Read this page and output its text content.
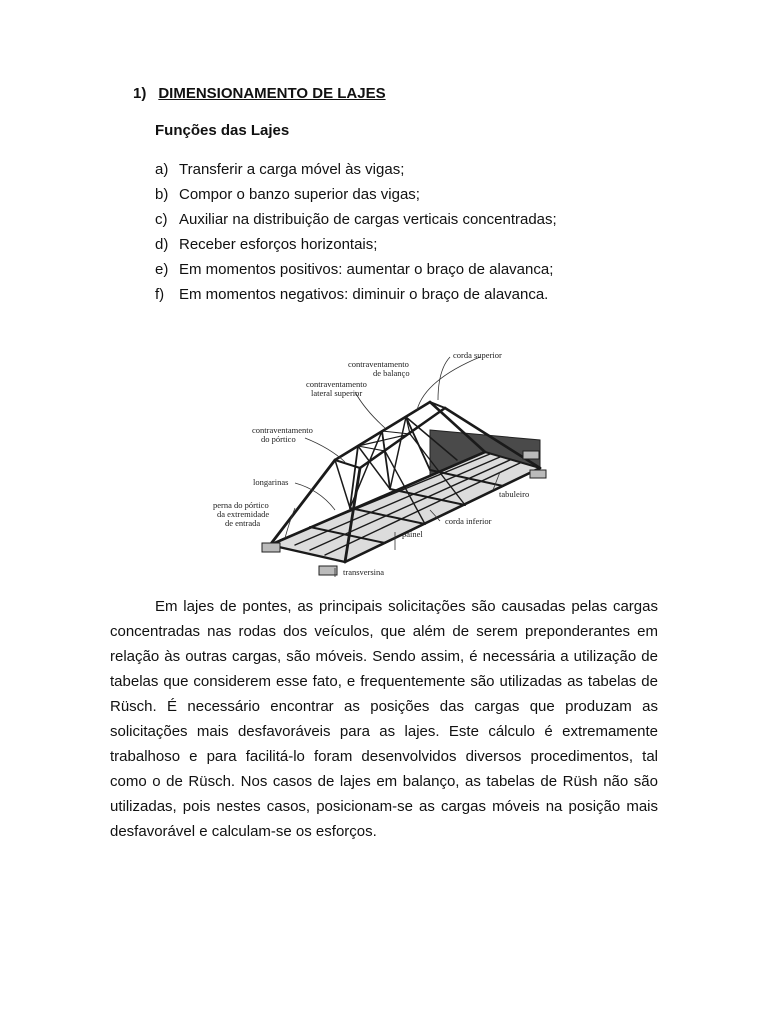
1) DIMENSIONAMENTO DE LAJES
Funções das Lajes
a) Transferir a carga móvel às vigas;
b) Compor o banzo superior das vigas;
c) Auxiliar na distribuição de cargas verticais concentradas;
d) Receber esforços horizontais;
e) Em momentos positivos: aumentar o braço de alavanca;
f) Em momentos negativos: diminuir o braço de alavanca.
corda superior
contraventamento
de balanço
contraventamento
lateral superior
contraventamento
do pórtico
longarinas
tabuleiro
perna do pórtico
da extremidade
de entrada	corda inferior
painel
transversina

Em lajes de pontes, as principais solicitações são causadas pelas cargas concentradas nas rodas dos veículos, que além de serem preponderantes em relação às outras cargas, são móveis. Sendo assim, é necessária a utilização de tabelas que considerem esse fato, e frequentemente são utilizadas as tabelas de Rüsch. É necessário encontrar as posições das cargas que produzam as solicitações mais desfavoráveis para as lajes. Este cálculo é extremamente trabalhoso e para facilitá-lo foram desenvolvidos diversos procedimentos, tal como o de Rüsch. Nos casos de lajes em balanço, as tabelas de Rüsh não são utilizadas, pois nestes casos, posicionam-se as cargas móveis na posição mais desfavorável e calculam-se os esforços.
